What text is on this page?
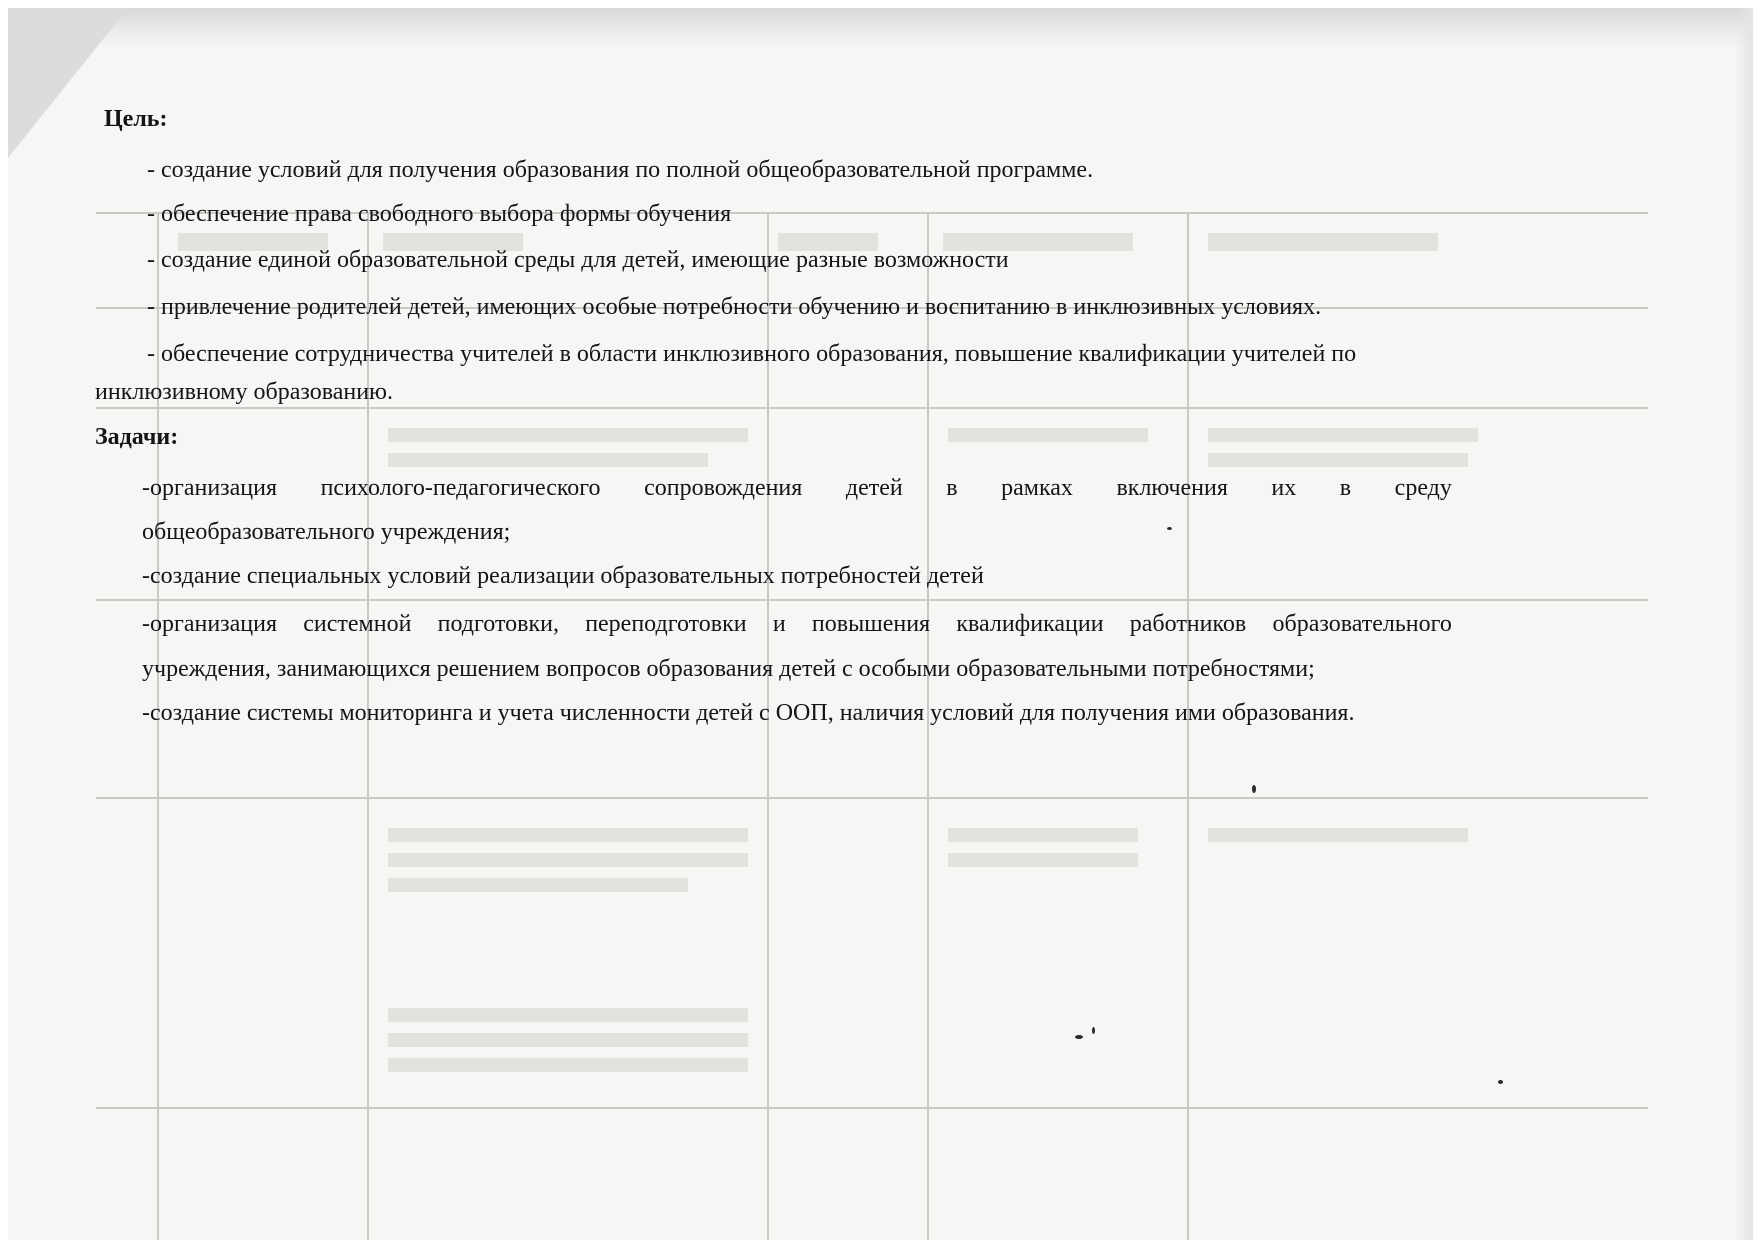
Цель:
- создание условий для получения образования по полной общеобразовательной программе.
- обеспечение права свободного выбора формы обучения
- создание единой образовательной среды для детей, имеющие разные возможности
- привлечение родителей детей, имеющих особые потребности обучению и воспитанию в инклюзивных условиях.
- обеспечение сотрудничества учителей в области инклюзивного образования, повышение квалификации учителей по
инклюзивному образованию.
Задачи:
-организация психолого-педагогического сопровождения детей в рамках включения их в среду
общеобразовательного учреждения;
-создание специальных условий реализации образовательных потребностей детей
-организация системной подготовки, переподготовки и повышения квалификации работников образовательного
учреждения, занимающихся решением вопросов образования детей с особыми образовательными потребностями;
-создание системы мониторинга и учета численности детей с ООП, наличия условий для получения ими образования.
